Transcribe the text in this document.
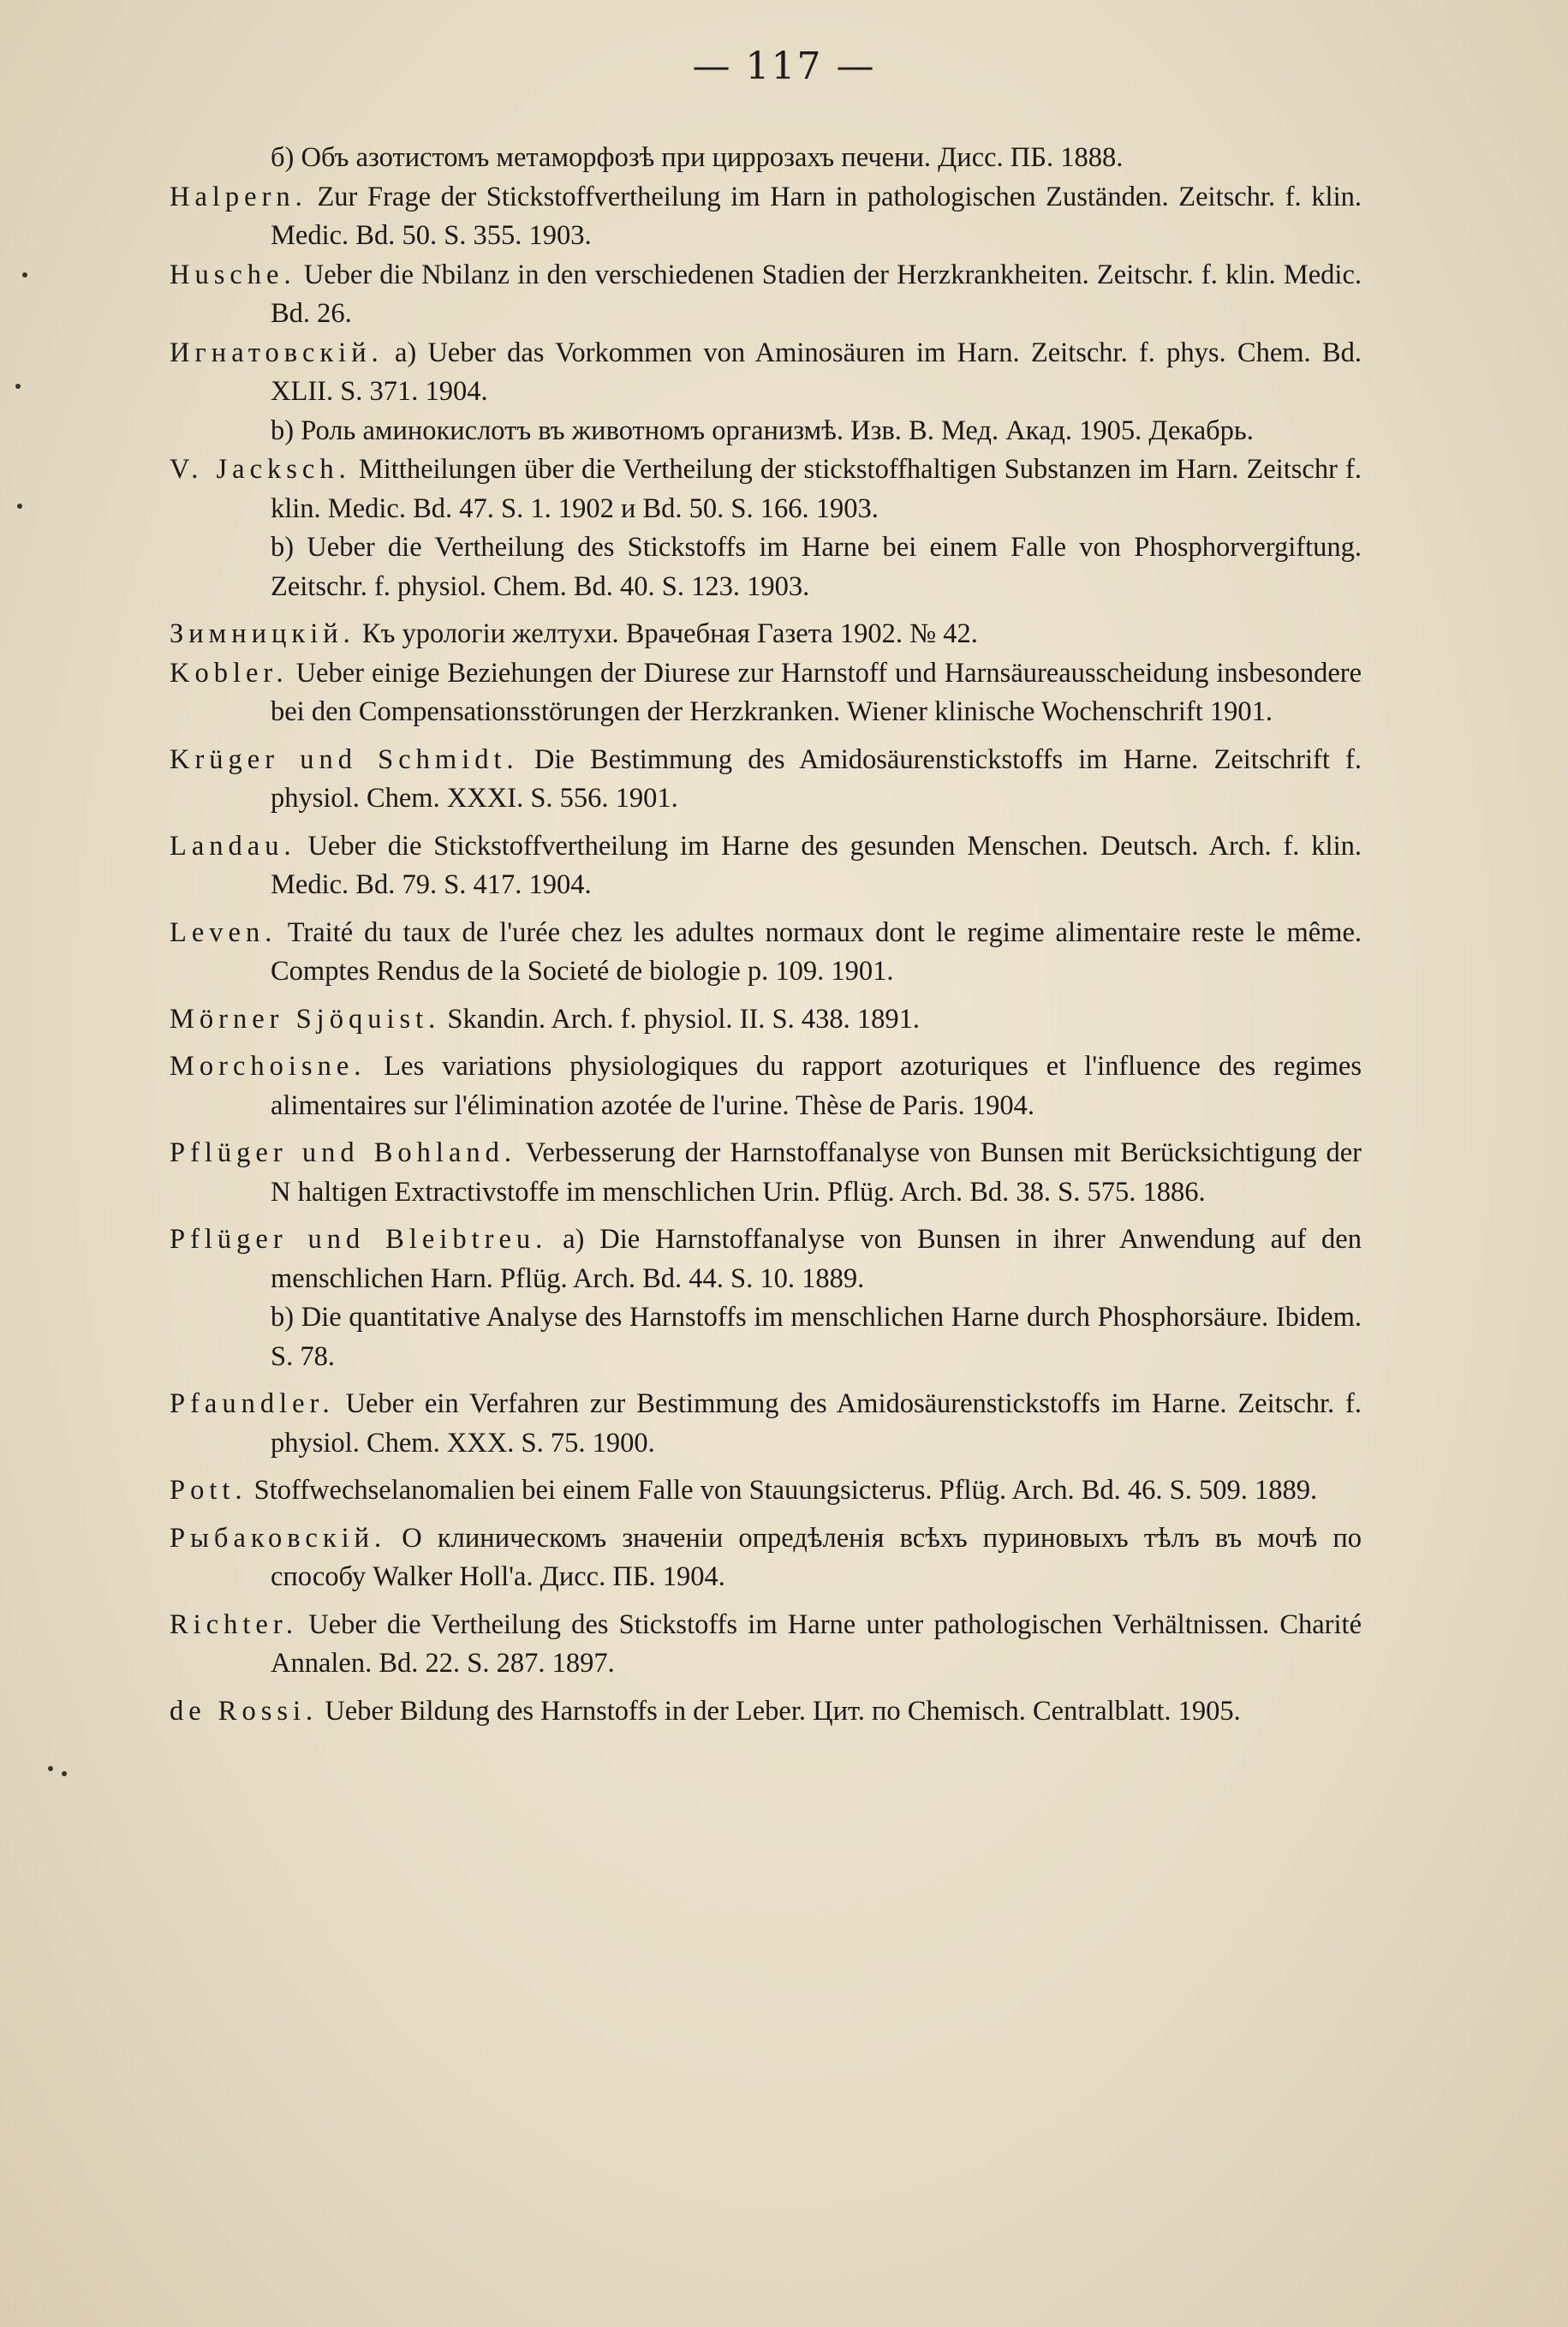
— 117 —
б) Объ азотистомъ метаморфозѣ при циррозахъ печени. Дисс. ПБ. 1888.
Halpern. Zur Frage der Stickstoffvertheilung im Harn in pathologischen Zuständen. Zeitschr. f. klin. Medic. Bd. 50. S. 355. 1903.
Husche. Ueber die Nbilanz in den verschiedenen Stadien der Herzkrankheiten. Zeitschr. f. klin. Medic. Bd. 26.
Игнатовскій. a) Ueber das Vorkommen von Aminosäuren im Harn. Zeitschr. f. phys. Chem. Bd. XLII. S. 371. 1904.
b) Роль аминокислотъ въ животномъ организмѣ. Изв. В. Мед. Акад. 1905. Декабрь.
V. Jacksch. Mittheilungen über die Vertheilung der stickstoffhaltigen Substanzen im Harn. Zeitschr f. klin. Medic. Bd. 47. S. 1. 1902 и Bd. 50. S. 166. 1903.
b) Ueber die Vertheilung des Stickstoffs im Harne bei einem Falle von Phosphorvergiftung. Zeitschr. f. physiol. Chem. Bd. 40. S. 123. 1903.
Зимницкій. Къ урологіи желтухи. Врачебная Газета 1902. № 42.
Kobler. Ueber einige Beziehungen der Diurese zur Harnstoff und Harnsäureausscheidung insbesondere bei den Compensationsstörungen der Herzkranken. Wiener klinische Wochenschrift 1901.
Krüger und Schmidt. Die Bestimmung des Amidosäurenstickstoffs im Harne. Zeitschrift f. physiol. Chem. XXXI. S. 556. 1901.
Landau. Ueber die Stickstoffvertheilung im Harne des gesunden Menschen. Deutsch. Arch. f. klin. Medic. Bd. 79. S. 417. 1904.
Leven. Traité du taux de l'urée chez les adultes normaux dont le regime alimentaire reste le même. Comptes Rendus de la Societé de biologie p. 109. 1901.
Mörner Sjöquist. Skandin. Arch. f. physiol. II. S. 438. 1891.
Morchoisne. Les variations physiologiques du rapport azoturiques et l'influence des regimes alimentaires sur l'élimination azotée de l'urine. Thèse de Paris. 1904.
Pflüger und Bohland. Verbesserung der Harnstoffanalyse von Bunsen mit Berücksichtigung der N haltigen Extractivstoffe im menschlichen Urin. Pflüg. Arch. Bd. 38. S. 575. 1886.
Pflüger und Bleibtreu. a) Die Harnstoffanalyse von Bunsen in ihrer Anwendung auf den menschlichen Harn. Pflüg. Arch. Bd. 44. S. 10. 1889.
b) Die quantitative Analyse des Harnstoffs im menschlichen Harne durch Phosphorsäure. Ibidem. S. 78.
Pfaundler. Ueber ein Verfahren zur Bestimmung des Amidosäurenstickstoffs im Harne. Zeitschr. f. physiol. Chem. XXX. S. 75. 1900.
Pott. Stoffwechselanomalien bei einem Falle von Stauungsicterus. Pflüg. Arch. Bd. 46. S. 509. 1889.
Рыбаковскій. О клиническомъ значеніи опредѣленія всѣхъ пуриновыхъ тѣлъ въ мочѣ по способу Walker Holl'a. Дисс. ПБ. 1904.
Richter. Ueber die Vertheilung des Stickstoffs im Harne unter pathologischen Verhältnissen. Charité Annalen. Bd. 22. S. 287. 1897.
de Rossi. Ueber Bildung des Harnstoffs in der Leber. Цит. по Chemisch. Centralblatt. 1905.
